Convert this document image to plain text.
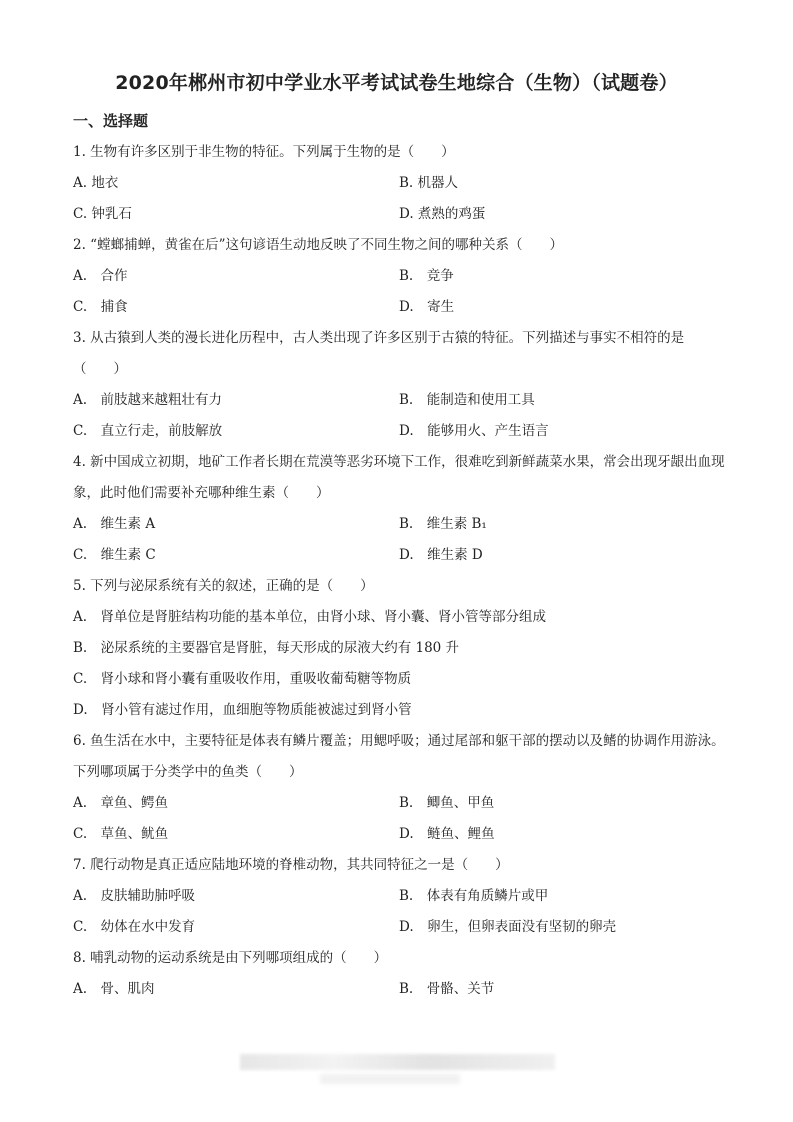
2020年郴州市初中学业水平考试试卷生地综合（生物）（试题卷）
一、选择题
1. 生物有许多区别于非生物的特征。下列属于生物的是（　　）
A. 地衣	B. 机器人
C. 钟乳石	D. 煮熟的鸡蛋
2. “螳螂捕蝉，黄雀在后”这句谚语生动地反映了不同生物之间的哪种关系（　　）
A.　合作	B.　竞争
C.　捕食	D.　寄生
3. 从古猿到人类的漫长进化历程中，古人类出现了许多区别于古猿的特征。下列描述与事实不相符的是（　　）
A.　前肢越来越粗壮有力	B.　能制造和使用工具
C.　直立行走，前肢解放	D.　能够用火、产生语言
4. 新中国成立初期，地矿工作者长期在荒漠等恶劣环境下工作，很难吃到新鲜蔬菜水果，常会出现牙龈出血现象，此时他们需要补充哪种维生素（　　）
A.　维生素 A	B.　维生素 B₁
C.　维生素 C	D.　维生素 D
5. 下列与泌尿系统有关的叙述，正确的是（　　）
A.　肾单位是肾脏结构功能的基本单位，由肾小球、肾小囊、肾小管等部分组成
B.　泌尿系统的主要器官是肾脏，每天形成的尿液大约有 180 升
C.　肾小球和肾小囊有重吸收作用，重吸收葡萄糖等物质
D.　肾小管有滤过作用，血细胞等物质能被滤过到肾小管
6. 鱼生活在水中，主要特征是体表有鳞片覆盖；用鳃呼吸；通过尾部和躯干部的摆动以及鳍的协调作用游泳。下列哪项属于分类学中的鱼类（　　）
A.　章鱼、鳄鱼	B.　鲫鱼、甲鱼
C.　草鱼、鱿鱼	D.　鲢鱼、鲤鱼
7. 爬行动物是真正适应陆地环境的脊椎动物，其共同特征之一是（　　）
A.　皮肤辅助肺呼吸	B.　体表有角质鳞片或甲
C.　幼体在水中发育	D.　卵生，但卵表面没有坚韧的卵壳
8. 哺乳动物的运动系统是由下列哪项组成的（　　）
A.　骨、肌肉	B.　骨骼、关节
